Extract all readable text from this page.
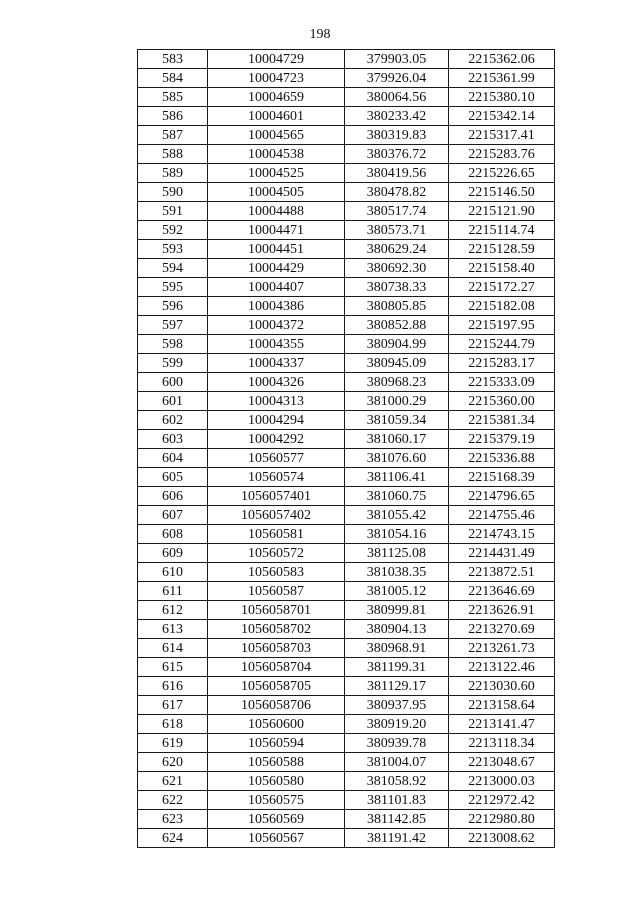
198
583	10004729	379903.05	2215362.06
584	10004723	379926.04	2215361.99
585	10004659	380064.56	2215380.10
586	10004601	380233.42	2215342.14
587	10004565	380319.83	2215317.41
588	10004538	380376.72	2215283.76
589	10004525	380419.56	2215226.65
590	10004505	380478.82	2215146.50
591	10004488	380517.74	2215121.90
592	10004471	380573.71	2215114.74
593	10004451	380629.24	2215128.59
594	10004429	380692.30	2215158.40
595	10004407	380738.33	2215172.27
596	10004386	380805.85	2215182.08
597	10004372	380852.88	2215197.95
598	10004355	380904.99	2215244.79
599	10004337	380945.09	2215283.17
600	10004326	380968.23	2215333.09
601	10004313	381000.29	2215360.00
602	10004294	381059.34	2215381.34
603	10004292	381060.17	2215379.19
604	10560577	381076.60	2215336.88
605	10560574	381106.41	2215168.39
606	1056057401	381060.75	2214796.65
607	1056057402	381055.42	2214755.46
608	10560581	381054.16	2214743.15
609	10560572	381125.08	2214431.49
610	10560583	381038.35	2213872.51
611	10560587	381005.12	2213646.69
612	1056058701	380999.81	2213626.91
613	1056058702	380904.13	2213270.69
614	1056058703	380968.91	2213261.73
615	1056058704	381199.31	2213122.46
616	1056058705	381129.17	2213030.60
617	1056058706	380937.95	2213158.64
618	10560600	380919.20	2213141.47
619	10560594	380939.78	2213118.34
620	10560588	381004.07	2213048.67
621	10560580	381058.92	2213000.03
622	10560575	381101.83	2212972.42
623	10560569	381142.85	2212980.80
624	10560567	381191.42	2213008.62
